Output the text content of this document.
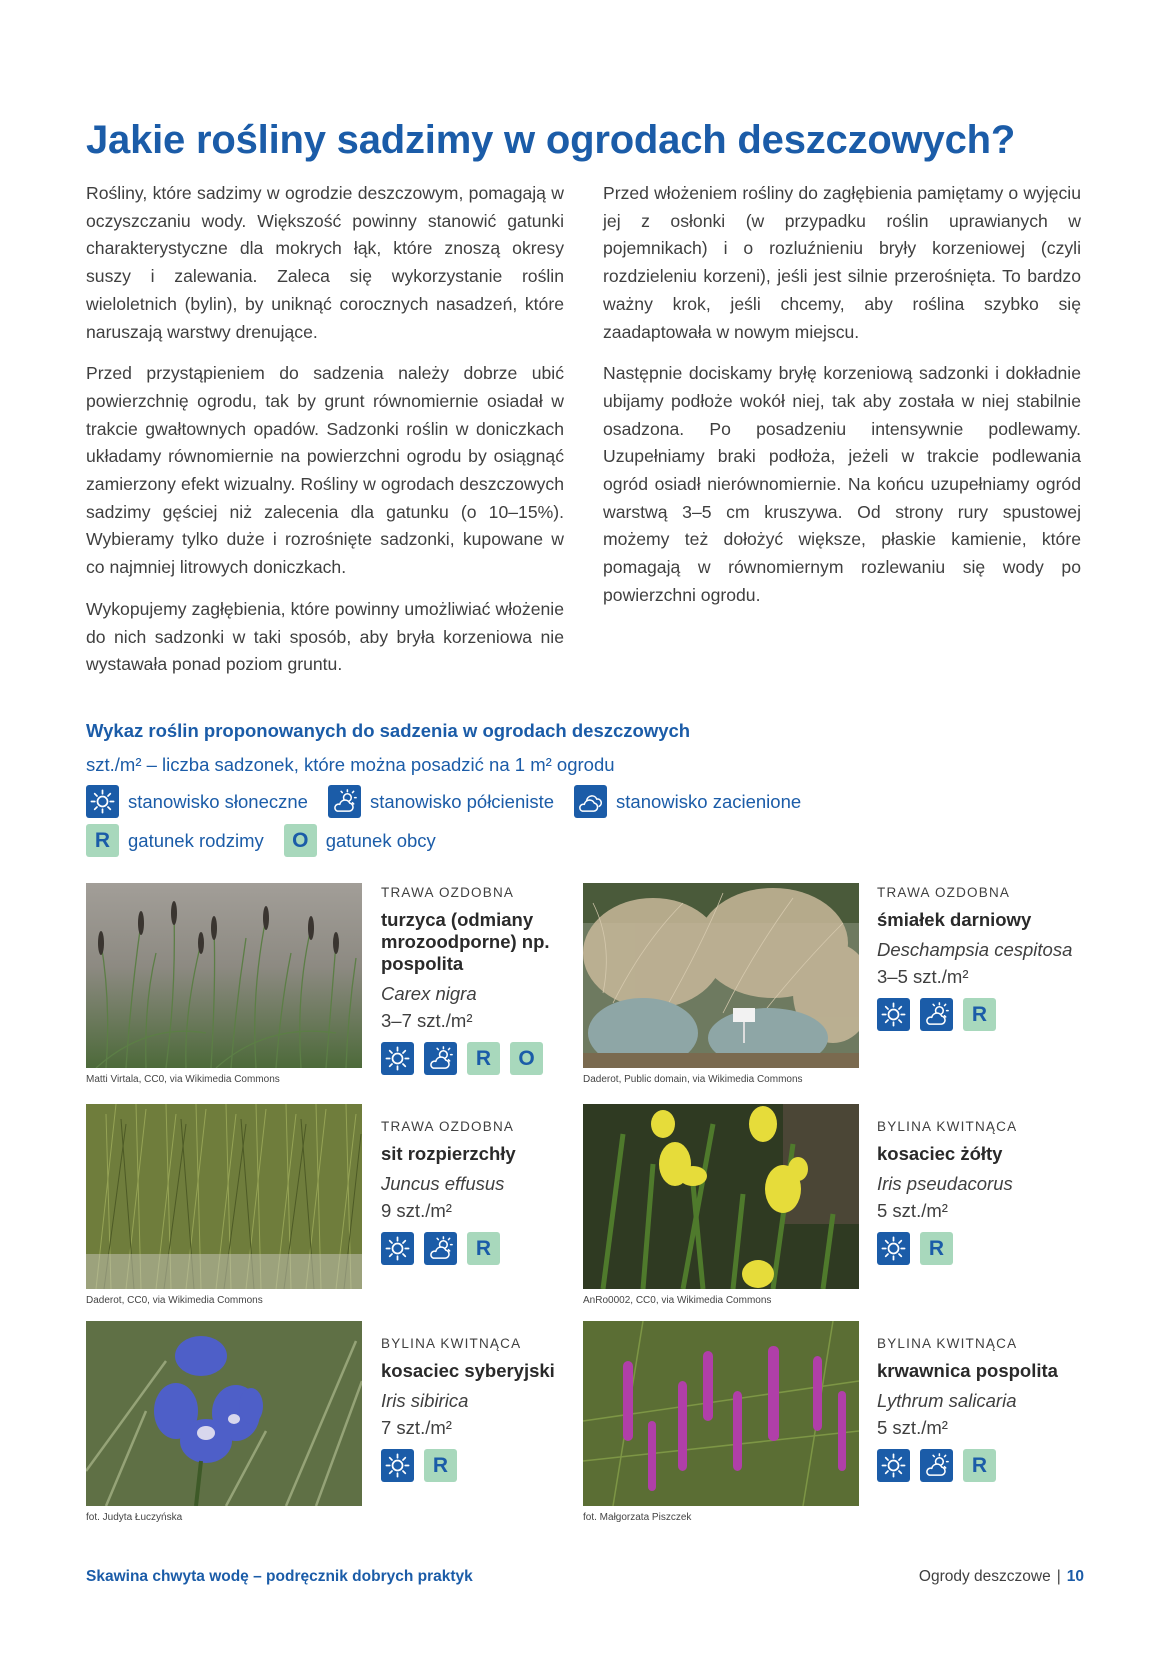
Jakie rośliny sadzimy w ogrodach deszczowych?

Rośliny, które sadzimy w ogrodzie deszczowym, pomagają w oczyszczaniu wody. Większość powinny stanowić gatunki charakterystyczne dla mokrych łąk, które znoszą okresy suszy i zalewania. Zaleca się wykorzystanie roślin wieloletnich (bylin), by uniknąć corocznych nasadzeń, które naruszają warstwy drenujące.

Przed przystąpieniem do sadzenia należy dobrze ubić powierzchnię ogrodu, tak by grunt równomiernie osiadał w trakcie gwałtownych opadów. Sadzonki roślin w doniczkach układamy równomiernie na powierzchni ogrodu by osiągnąć zamierzony efekt wizualny. Rośliny w ogrodach deszczowych sadzimy gęściej niż zalecenia dla gatunku (o 10–15%). Wybieramy tylko duże i rozrośnięte sadzonki, kupowane w co najmniej litrowych doniczkach.

Wykopujemy zagłębienia, które powinny umożliwiać włożenie do nich sadzonki w taki sposób, aby bryła korzeniowa nie wystawała ponad poziom gruntu.

Przed włożeniem rośliny do zagłębienia pamiętamy o wyjęciu jej z osłonki (w przypadku roślin uprawianych w pojemnikach) i o rozluźnieniu bryły korzeniowej (czyli rozdzieleniu korzeni), jeśli jest silnie przerośnięta. To bardzo ważny krok, jeśli chcemy, aby roślina szybko się zaadaptowała w nowym miejscu.

Następnie dociskamy bryłę korzeniową sadzonki i dokładnie ubijamy podłoże wokół niej, tak aby została w niej stabilnie osadzona. Po posadzeniu intensywnie podlewamy. Uzupełniamy braki podłoża, jeżeli w trakcie podlewania ogród osiadł nierównomiernie. Na końcu uzupełniamy ogród warstwą 3–5 cm kruszywa. Od strony rury spustowej możemy też dołożyć większe, płaskie kamienie, które pomagają w równomiernym rozlewaniu się wody po powierzchni ogrodu.

Wykaz roślin proponowanych do sadzenia w ogrodach deszczowych
szt./m² – liczba sadzonek, które można posadzić na 1 m² ogrodu
stanowisko słoneczne	stanowisko półcieniste	stanowisko zacienione
R gatunek rodzimy	O gatunek obcy
Matti Virtala, CC0, via Wikimedia Commons
TRAWA OZDOBNA
turzyca (odmiany mrozoodporne) np. pospolita
Carex nigra
3–7 szt./m²
R	O
Daderot, Public domain, via Wikimedia Commons
TRAWA OZDOBNA
śmiałek darniowy
Deschampsia cespitosa
3–5 szt./m²
R
Daderot, CC0, via Wikimedia Commons
TRAWA OZDOBNA
sit rozpierzchły
Juncus effusus
9 szt./m²
R
AnRo0002, CC0, via Wikimedia Commons
BYLINA KWITNĄCA
kosaciec żółty
Iris pseudacorus
5 szt./m²
R
fot. Judyta Łuczyńska
BYLINA KWITNĄCA
kosaciec syberyjski
Iris sibirica
7 szt./m²
R
fot. Małgorzata Piszczek
BYLINA KWITNĄCA
krwawnica pospolita
Lythrum salicaria
5 szt./m²
R
Skawina chwyta wodę – podręcznik dobrych praktyk	Ogrody deszczowe | 10
